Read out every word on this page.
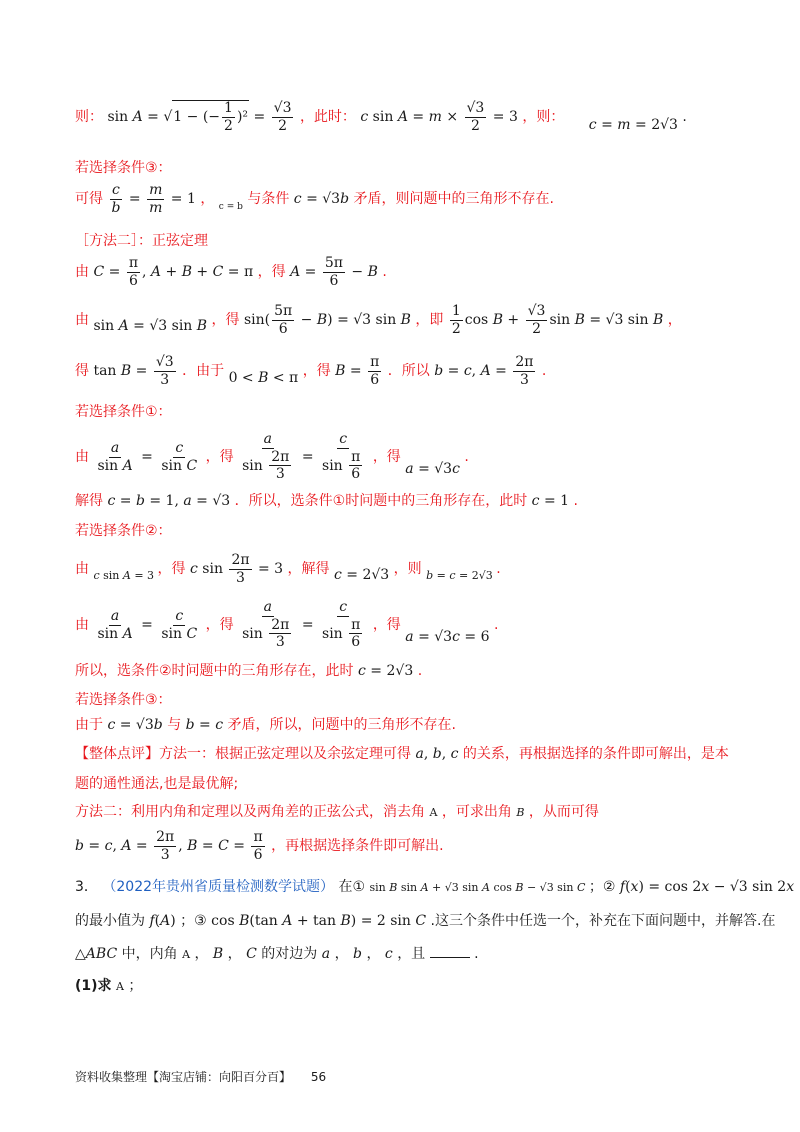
则： sin A = √1 − (− $\frac{1}{2} )^2 = \frac{√3}{2}$ ，此时： c $\sin A = m \times \frac{√3}{2} = 3$ ，则： c = m = 2√3 .
若选择条件③：
可得 $\frac{c}{b} = \frac{m}{m} = 1$ ， $_{c = b}$ 与条件 c = √3b 矛盾，则问题中的三角形不存在.
［方法二］：正弦定理
由 $C = \frac{\pi}{6}$ , A + B + C = π ，得 $A = \frac{5\pi}{6} - B$ .
由 sin A = √3 sin B ，得 $\sin( \frac{5\pi}{6} - B) = √3$ sin B ，即 $\frac{1}{2}$ $\cos B + \frac{√3}{2}$ sin B = √3 sin B ，
得 $\tan B = \frac{√3}{3}$ ．由于 0 < B < π ，得 $B = \frac{\pi}{6}$ ．所以 b = c, $A = \frac{2\pi}{3}$ .
若选择条件①：
由 $\frac{a}{\text{sin A}} = \frac{c}{\text{sin C}}$ ，得 $\frac{a}{\sin \frac{2\pi}{3}} = \frac{c}{\sin \frac{\pi}{6}}$ ，得 a = √3c .
解得 c = b = 1, a = √3 ．所以，选条件①时问题中的三角形存在，此时 c = 1 .
若选择条件②：
由 $_{c sin A = 3}$ ，得 c $\sin \frac{2\pi}{3} = 3$ ，解得 c = 2√3 ，则 $_{b = c = 2√3}$ .
由 $\frac{a}{\text{sin A}} = \frac{c}{\text{sin C}}$ ，得 $\frac{a}{\sin \frac{2\pi}{3}} = \frac{c}{\sin \frac{\pi}{6}}$ ，得 a = √3c = 6 .
所以，选条件②时问题中的三角形存在，此时 c = 2√3 .
若选择条件③：
由于 c = √3b 与 b = c 矛盾，所以，问题中的三角形不存在.
【整体点评】方法一：根据正弦定理以及余弦定理可得 a, b, c 的关系，再根据选择的条件即可解出，是本
题的通性通法,也是最优解;
方法二：利用内角和定理以及两角差的正弦公式，消去角 A ，可求出角 B ，从而可得
b = c, $A = \frac{2\pi}{3}$ , $B = C = \frac{\pi}{6}$ ，再根据选择条件即可解出.
3． （2022年贵州省质量检测数学试题） 在① sin B sin A + √3 sin A cos B − √3 sin C ；② f(x) = cos 2x − √3 sin 2x
的最小值为 f(A) ；③ cos B(tan A + tan B) = 2 sin C .这三个条件中任选一个，补充在下面问题中，并解答.在
△ABC 中，内角 A ， B ， C 的对边为 a ， b ， c ，且	.
(1)求 A ；
资料收集整理【淘宝店铺：向阳百分百】 56
